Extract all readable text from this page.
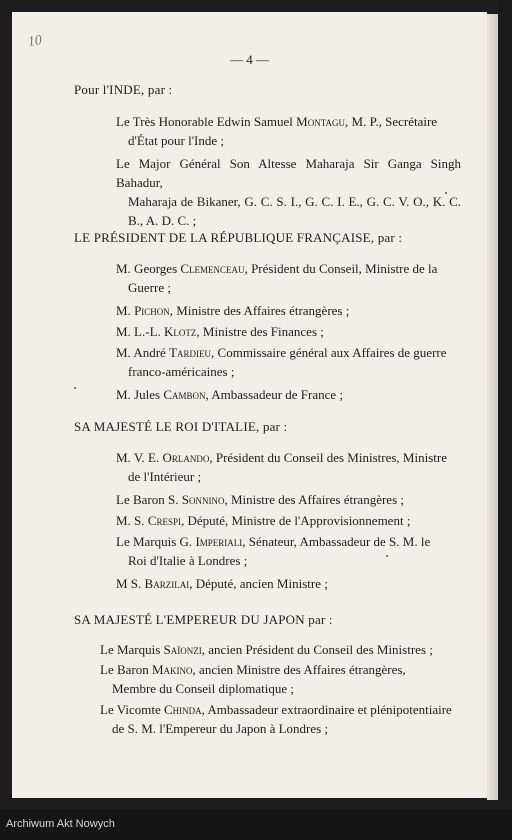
10
— 4 —
Pour l'INDE, par :
Le Très Honorable Edwin Samuel Montagu, M. P., Secrétaire
d'État pour l'Inde ;
Le Major Général Son Altesse Maharaja Sir Ganga Singh Bahadur,
Maharaja de Bikaner, G. C. S. I., G. C. I. E., G. C. V. O., K. C. B., A. D. C. ;
LE PRÉSIDENT DE LA RÉPUBLIQUE FRANÇAISE, par :
M. Georges Clemenceau, Président du Conseil, Ministre de la
Guerre ;
M. Pichon, Ministre des Affaires étrangères ;
M. L.-L. Klotz, Ministre des Finances ;
M. André Tardieu, Commissaire général aux Affaires de guerre
franco-américaines ;
M. Jules Cambon, Ambassadeur de France ;
SA MAJESTÉ LE ROI D'ITALIE, par :
M. V. E. Orlando, Président du Conseil des Ministres, Ministre
de l'Intérieur ;
Le Baron S. Sonnino, Ministre des Affaires étrangères ;
M. S. Crespi, Député, Ministre de l'Approvisionnement ;
Le Marquis G. Imperiali, Sénateur, Ambassadeur de S. M. le
Roi d'Italie à Londres ;
M S. Barzilai, Député, ancien Ministre ;
SA MAJESTÉ L'EMPEREUR DU JAPON par :
Le Marquis Saïonzi, ancien Président du Conseil des Ministres ;
Le Baron Makino, ancien Ministre des Affaires étrangères,
Membre du Conseil diplomatique ;
Le Vicomte Chinda, Ambassadeur extraordinaire et plénipotentiaire
de S. M. l'Empereur du Japon à Londres ;
Archiwum Akt Nowych
